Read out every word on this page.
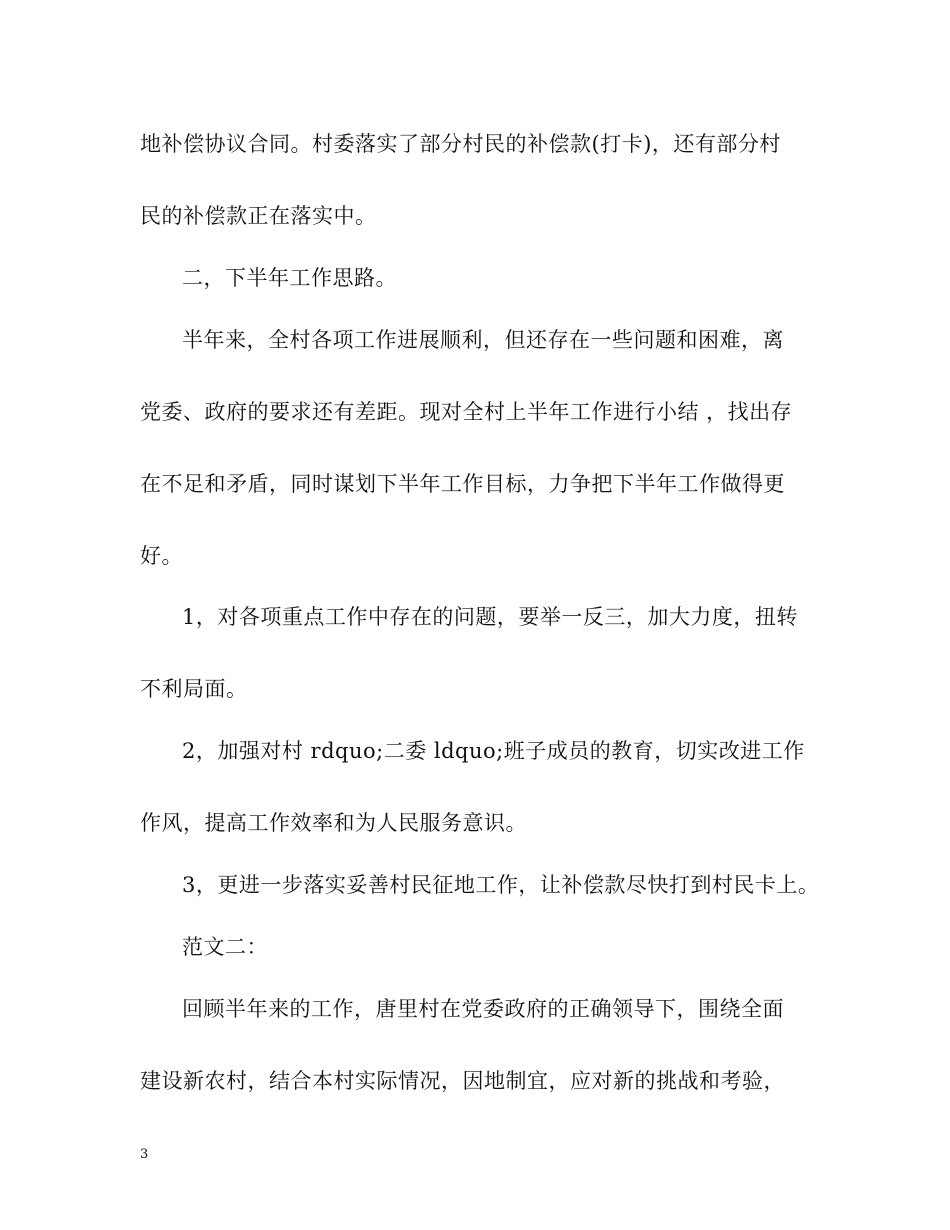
地补偿协议合同。村委落实了部分村民的补偿款(打卡)，还有部分村
民的补偿款正在落实中。
二，下半年工作思路。
半年来，全村各项工作进展顺利，但还存在一些问题和困难，离
党委、政府的要求还有差距。现对全村上半年工作进行小结 ，找出存
在不足和矛盾，同时谋划下半年工作目标，力争把下半年工作做得更
好。
1，对各项重点工作中存在的问题，要举一反三，加大力度，扭转
不利局面。
2，加强对村 rdquo;二委 ldquo;班子成员的教育，切实改进工作
作风，提高工作效率和为人民服务意识。
3，更进一步落实妥善村民征地工作，让补偿款尽快打到村民卡上。
范文二：
回顾半年来的工作，唐里村在党委政府的正确领导下，围绕全面
建设新农村，结合本村实际情况，因地制宜，应对新的挑战和考验，
3
